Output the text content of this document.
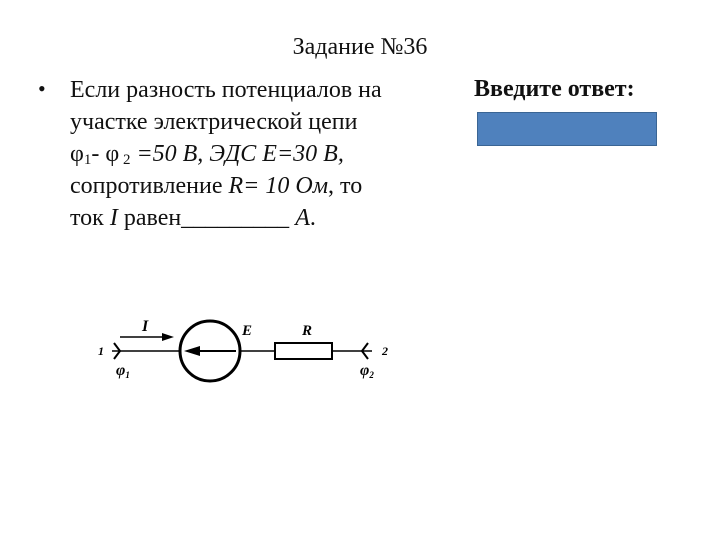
Задание №36
• Если разность потенциалов на
участке электрической цепи
$\varphi_1-$ φ $_2$ =50 В, ЭДС Е=30 В,
сопротивление R= 10 Ом, то
ток I равен_________ A.
Введите ответ:
I	E	R
1	2
φ1	φ2
